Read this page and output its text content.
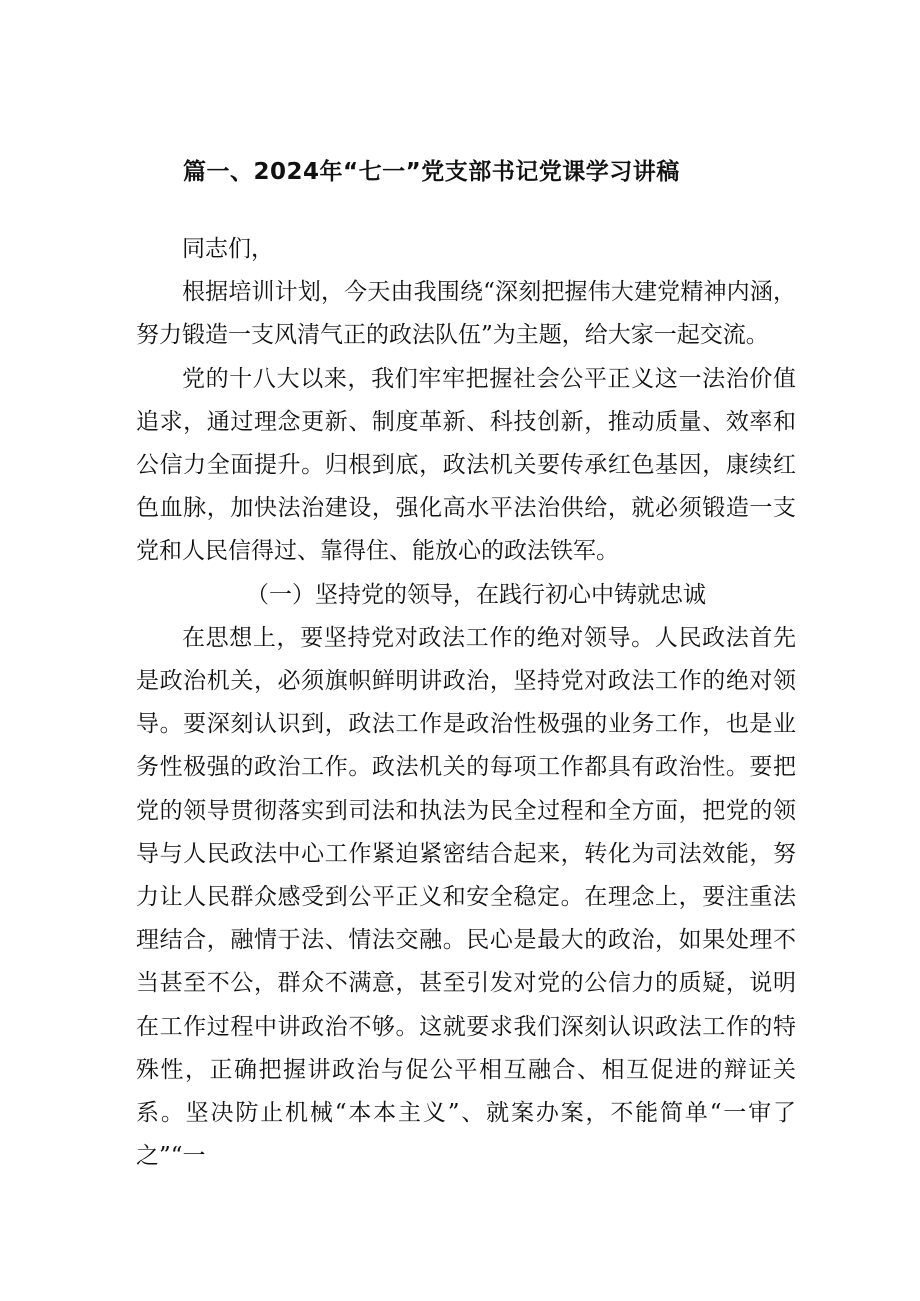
篇一、2024年“七一”党支部书记党课学习讲稿

同志们，

根据培训计划，今天由我围绕“深刻把握伟大建党精神内涵，努力锻造一支风清气正的政法队伍”为主题，给大家一起交流。

党的十八大以来，我们牢牢把握社会公平正义这一法治价值追求，通过理念更新、制度革新、科技创新，推动质量、效率和公信力全面提升。归根到底，政法机关要传承红色基因，康续红色血脉，加快法治建设，强化高水平法治供给，就必须锻造一支党和人民信得过、靠得住、能放心的政法铁军。

（一）坚持党的领导，在践行初心中铸就忠诚

在思想上，要坚持党对政法工作的绝对领导。人民政法首先是政治机关，必须旗帜鲜明讲政治，坚持党对政法工作的绝对领导。要深刻认识到，政法工作是政治性极强的业务工作，也是业务性极强的政治工作。政法机关的每项工作都具有政治性。要把党的领导贯彻落实到司法和执法为民全过程和全方面，把党的领导与人民政法中心工作紧迫紧密结合起来，转化为司法效能，努力让人民群众感受到公平正义和安全稳定。在理念上，要注重法理结合，融情于法、情法交融。民心是最大的政治，如果处理不当甚至不公，群众不满意，甚至引发对党的公信力的质疑，说明在工作过程中讲政治不够。这就要求我们深刻认识政法工作的特殊性，正确把握讲政治与促公平相互融合、相互促进的辩证关系。坚决防止机械“本本主义”、就案办案，不能简单“一审了之”“一
